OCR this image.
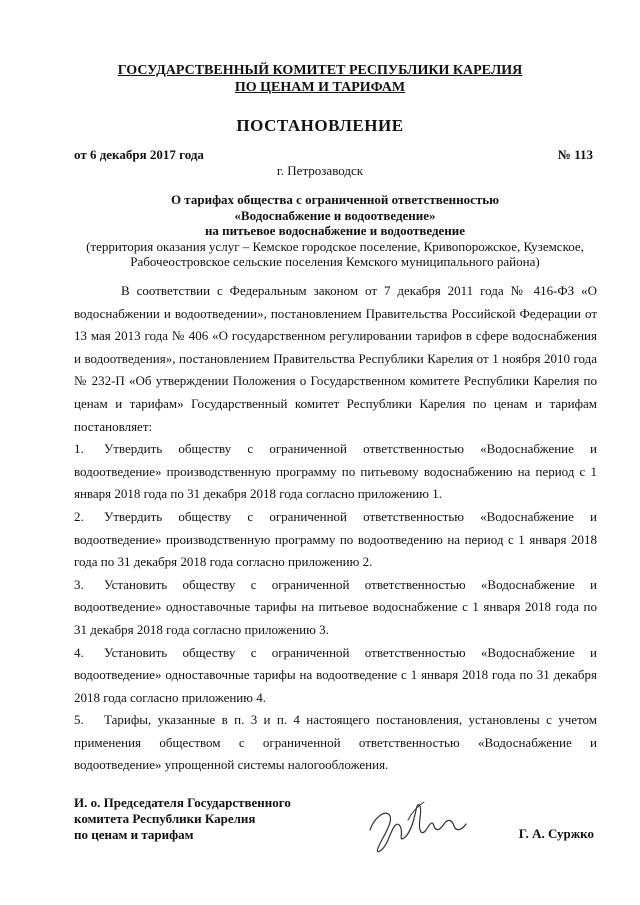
ГОСУДАРСТВЕННЫЙ КОМИТЕТ РЕСПУБЛИКИ КАРЕЛИЯ
ПО ЦЕНАМ И ТАРИФАМ
ПОСТАНОВЛЕНИЕ
от 6 декабря 2017 года	№ 113
г. Петрозаводск
О тарифах общества с ограниченной ответственностью
«Водоснабжение и водоотведение»
на питьевое водоснабжение и водоотведение
(территория оказания услуг – Кемское городское поселение, Кривопорожское, Куземское,
Рабочеостровское сельские поселения Кемского муниципального района)

В соответствии с Федеральным законом от 7 декабря 2011 года № 416-ФЗ «О водоснабжении и водоотведении», постановлением Правительства Российской Федерации от 13 мая 2013 года № 406 «О государственном регулировании тарифов в сфере водоснабжения и водоотведения», постановлением Правительства Республики Карелия от 1 ноября 2010 года № 232-П «Об утверждении Положения о Государственном комитете Республики Карелия по ценам и тарифам» Государственный комитет Республики Карелия по ценам и тарифам постановляет:

1. Утвердить обществу с ограниченной ответственностью «Водоснабжение и водоотведение» производственную программу по питьевому водоснабжению на период с 1 января 2018 года по 31 декабря 2018 года согласно приложению 1.

2. Утвердить обществу с ограниченной ответственностью «Водоснабжение и водоотведение» производственную программу по водоотведению на период с 1 января 2018 года по 31 декабря 2018 года согласно приложению 2.

3. Установить обществу с ограниченной ответственностью «Водоснабжение и водоотведение» одноставочные тарифы на питьевое водоснабжение с 1 января 2018 года по 31 декабря 2018 года согласно приложению 3.

4. Установить обществу с ограниченной ответственностью «Водоснабжение и водоотведение» одноставочные тарифы на водоотведение с 1 января 2018 года по 31 декабря 2018 года согласно приложению 4.

5. Тарифы, указанные в п. 3 и п. 4 настоящего постановления, установлены с учетом применения обществом с ограниченной ответственностью «Водоснабжение и водоотведение» упрощенной системы налогообложения.

И. о. Председателя Государственного
комитета Республики Карелия
по ценам и тарифам	Г. А. Суржко
